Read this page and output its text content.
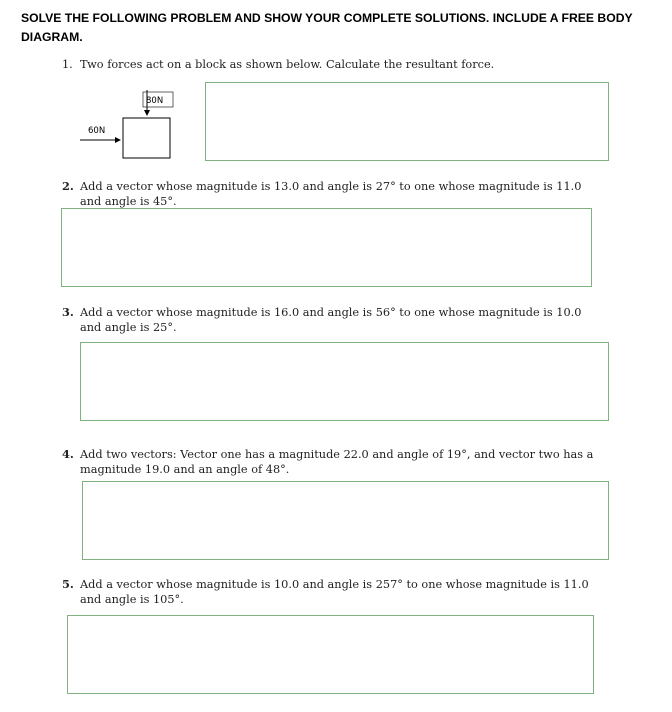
SOLVE THE FOLLOWING PROBLEM AND SHOW YOUR COMPLETE SOLUTIONS. INCLUDE A FREE BODY DIAGRAM.

1. Two forces act on a block as shown below. Calculate the resultant force.
80N
60N
2. Add a vector whose magnitude is 13.0 and angle is 27° to one whose magnitude is 11.0
and angle is 45°.
3. Add a vector whose magnitude is 16.0 and angle is 56° to one whose magnitude is 10.0
and angle is 25°.
4. Add two vectors: Vector one has a magnitude 22.0 and angle of 19°, and vector two has a
magnitude 19.0 and an angle of 48°.
5. Add a vector whose magnitude is 10.0 and angle is 257° to one whose magnitude is 11.0
and angle is 105°.
